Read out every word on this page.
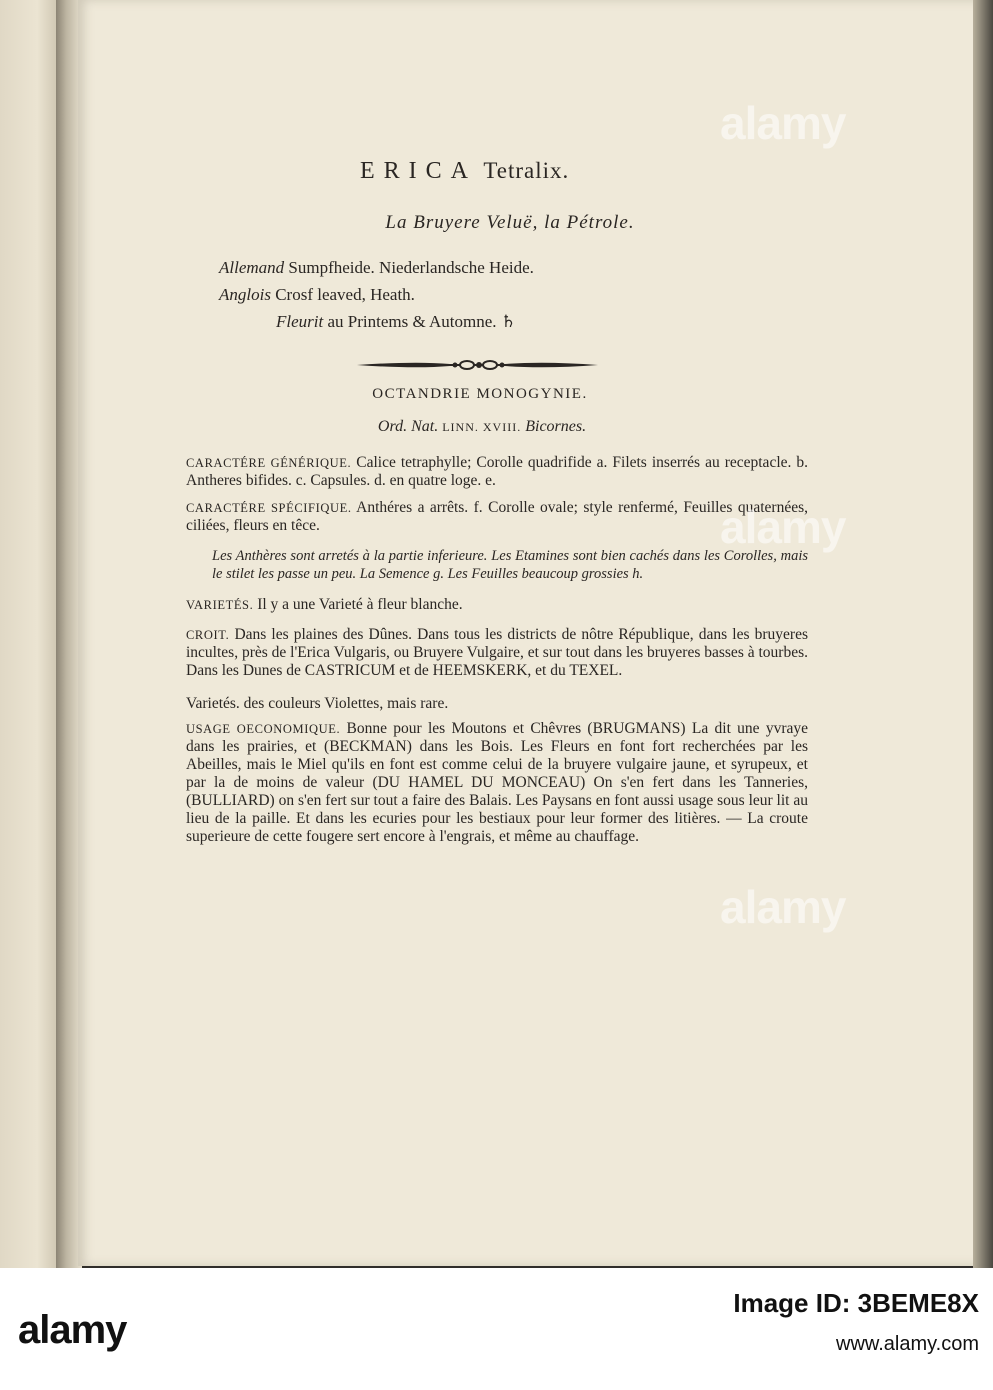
ERICA Tetralix.
La Bruyere Veluë, la Pétrole.
Allemand Sumpfheide. Niederlandsche Heide.
Anglois Crosf leaved, Heath.
Fleurit au Printems & Automne. ♄
OCTANDRIE MONOGYNIE.
Ord. Nat. LINN. XVIII. Bicornes.
CARACTÉRE GÉNÉRIQUE. Calice tetraphylle; Corolle quadrifide a. Filets inserrés au receptacle. b. Antheres bifides. c. Capsules. d. en quatre loge. e.
CARACTÉRE SPÉCIFIQUE. Anthéres a arrêts. f. Corolle ovale; style renfermé, Feuilles quaternées, ciliées, fleurs en têce.
Les Anthères sont arretés à la partie inferieure. Les Etamines sont bien cachés dans les Corolles, mais le stilet les passe un peu. La Semence g. Les Feuilles beaucoup grossies h.
VARIETÉS. Il y a une Varieté à fleur blanche.
CROIT. Dans les plaines des Dûnes. Dans tous les districts de nôtre République, dans les bruyeres incultes, près de l'Erica Vulgaris, ou Bruyere Vulgaire, et sur tout dans les bruyeres basses à tourbes. Dans les Dunes de CASTRICUM et de HEEMSKERK, et du TEXEL.
Varietés. des couleurs Violettes, mais rare.
USAGE OECONOMIQUE. Bonne pour les Moutons et Chêvres (BRUGMANS) La dit une yvraye dans les prairies, et (BECKMAN) dans les Bois. Les Fleurs en font fort recherchées par les Abeilles, mais le Miel qu'ils en font est comme celui de la bruyere vulgaire jaune, et syrupeux, et par la de moins de valeur (DU HAMEL DU MONCEAU) On s'en fert dans les Tanneries, (BULLIARD) on s'en fert sur tout a faire des Balais. Les Paysans en font aussi usage sous leur lit au lieu de la paille. Et dans les ecuries pour les bestiaux pour leur former des litières. — La croute superieure de cette fougere sert encore à l'engrais, et même au chauffage.
alamy
alamy
alamy
alamy
Image ID: 3BEME8X
www.alamy.com
